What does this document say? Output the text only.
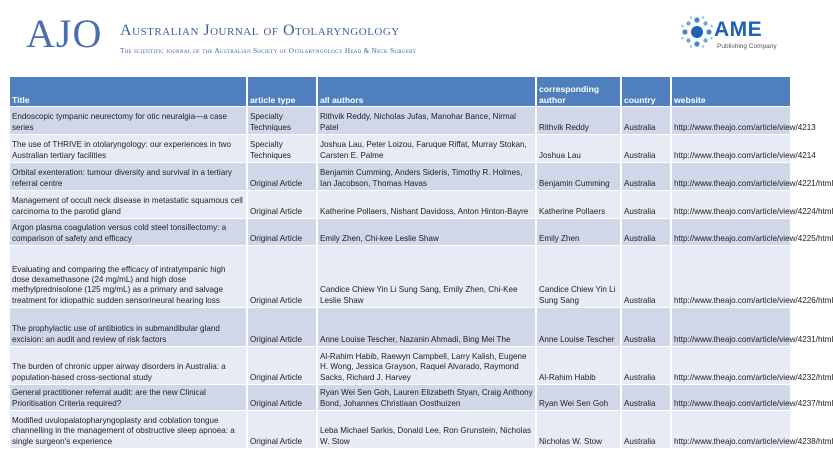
AJO Australian Journal of Otolaryngology
The scientific journal of the Australian Society of Otolaryngology Head & Neck Surgery
AME
Publishing Company
Title	article type	all authors	corresponding author	country	website
Endoscopic tympanic neurectomy for otic neuralgia—a case series	Specialty Techniques	Rithvik Reddy, Nicholas Jufas, Manohar Bance, Nirmal Patel	Rithvik Reddy	Australia	http://www.theajo.com/article/view/4213
The use of THRIVE in otolaryngology: our experiences in two Australian tertiary facilities	Specialty Techniques	Joshua Lau, Peter Loizou, Faruque Riffat, Murray Stokan, Carsten E. Palme	Joshua Lau	Australia	http://www.theajo.com/article/view/4214
Orbital exenteration: tumour diversity and survival in a tertiary referral centre	Original Article	Benjamin Cumming, Anders Sideris, Timothy R. Holmes, Ian Jacobson, Thomas Havas	Benjamin Cumming	Australia	http://www.theajo.com/article/view/4221/html
Management of occult neck disease in metastatic squamous cell carcinoma to the parotid gland	Original Article	Katherine Pollaers, Nishant Davidoss, Anton Hinton-Bayre	Katherine Pollaers	Australia	http://www.theajo.com/article/view/4224/html
Argon plasma coagulation versus cold steel tonsillectomy: a comparison of safety and efficacy	Original Article	Emily Zhen, Chi-kee Leslie Shaw	Emily Zhen	Australia	http://www.theajo.com/article/view/4225/html
Evaluating and comparing the efficacy of intratympanic high dose dexamethasone (24 mg/mL) and high dose methylprednisolone (125 mg/mL) as a primary and salvage treatment for idiopathic sudden sensorineural hearing loss	Original Article	Candice Chiew Yin Li Sung Sang, Emily Zhen, Chi-Kee Leslie Shaw	Candice Chiew Yin Li Sung Sang	Australia	http://www.theajo.com/article/view/4226/html
The prophylactic use of antibiotics in submandibular gland excision: an audit and review of risk factors	Original Article	Anne Louise Tescher, Nazanin Ahmadi, Bing Mei The	Anne Louise Tescher	Australia	http://www.theajo.com/article/view/4231/html
The burden of chronic upper airway disorders in Australia: a population-based cross-sectional study	Original Article	Al-Rahim Habib, Raewyn Campbell, Larry Kalish, Eugene H. Wong, Jessica Grayson, Raquel Alvarado, Raymond Sacks, Richard J. Harvey	Al-Rahim Habib	Australia	http://www.theajo.com/article/view/4232/html
General practitioner referral audit: are the new Clinical Prioritisation Criteria required?	Original Article	Ryan Wei Sen Goh, Lauren Elizabeth Styan, Craig Anthony Bond, Johannes Christiaan Oosthuizen	Ryan Wei Sen Goh	Australia	http://www.theajo.com/article/view/4237/html
Modified uvulopalatopharyngoplasty and coblation tongue channelling in the management of obstructive sleep apnoea: a single surgeon's experience	Original Article	Leba Michael Sarkis, Donald Lee, Ron Grunstein, Nicholas W. Stow	Nicholas W. Stow	Australia	http://www.theajo.com/article/view/4238/html
